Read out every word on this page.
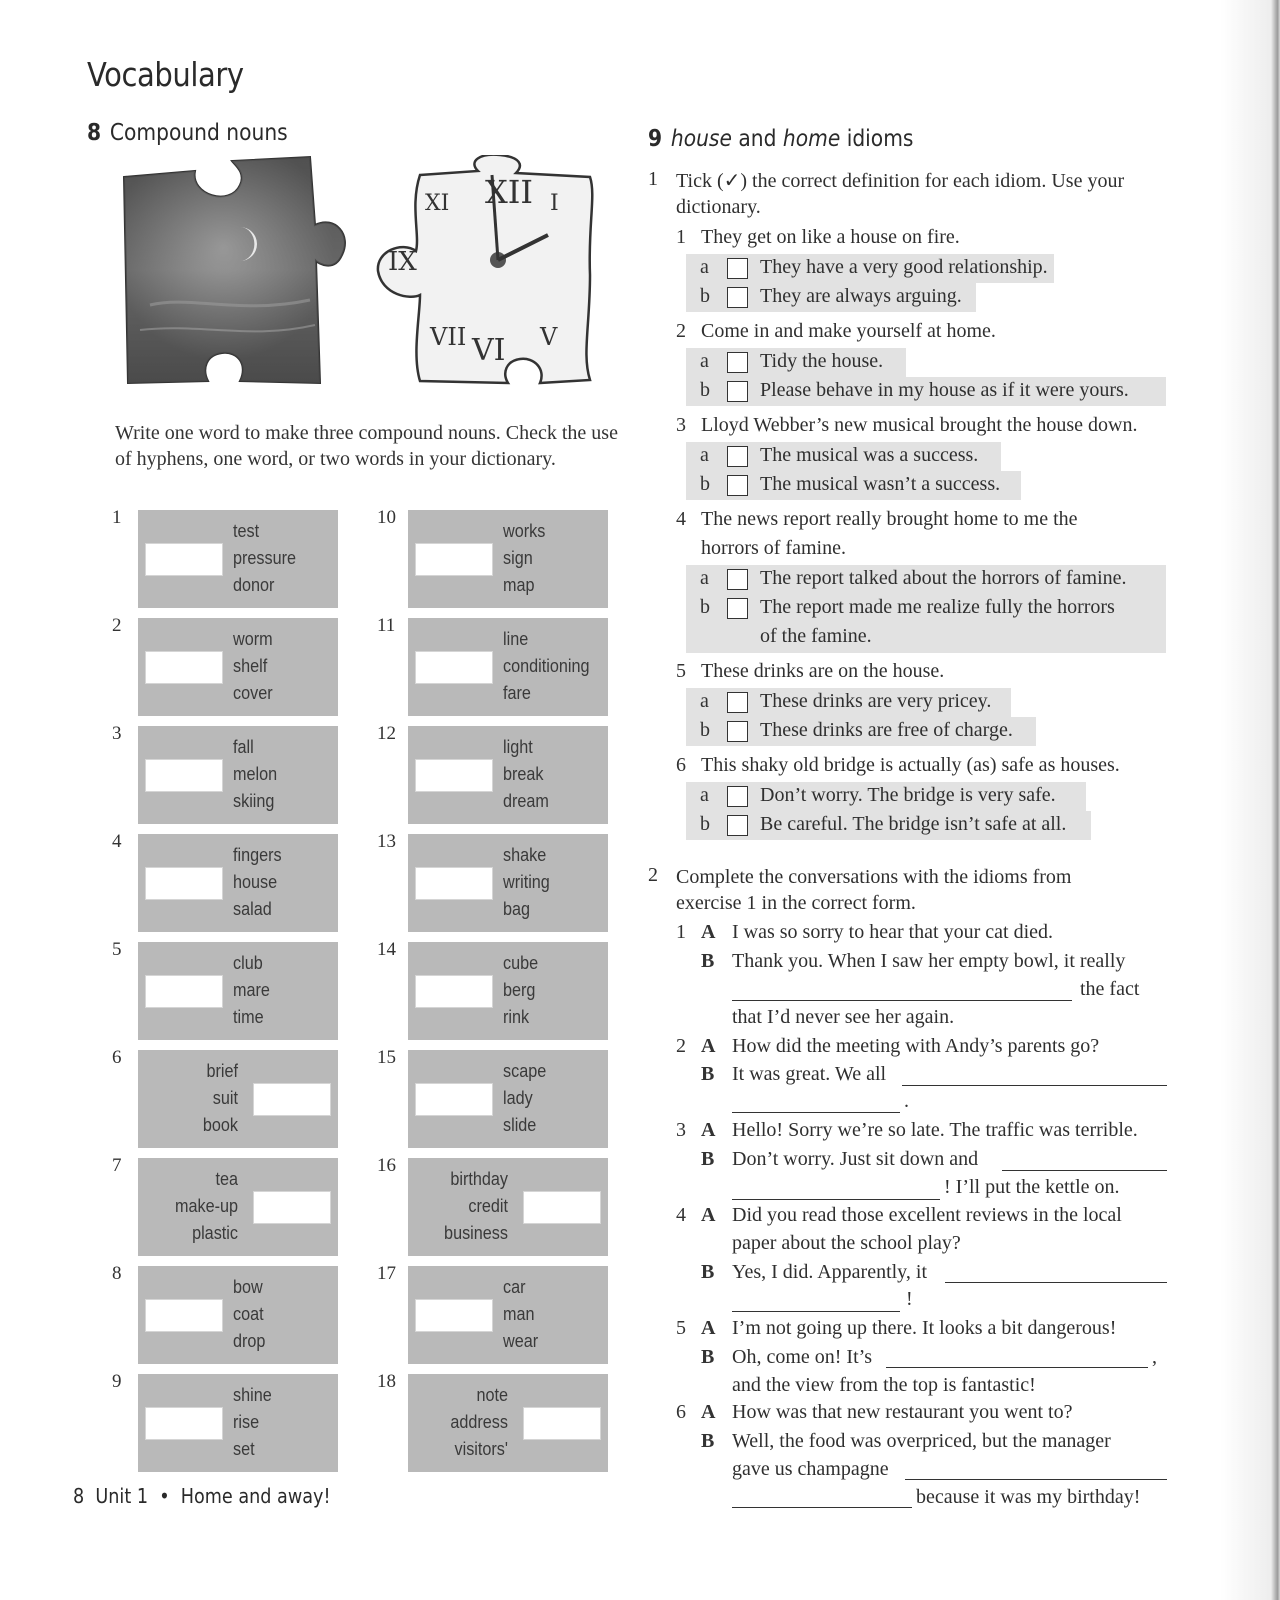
Vocabulary
8 Compound nouns
XII
IX
VI V
VII
I
XI
Write one word to make three compound nouns. Check the use of hyphens, one word, or two words in your dictionary.
1
test
pressure
donor
2
worm
shelf
cover
3
fall
melon
skiing
4
fingers
house
salad
5
club
mare
time
6
brief
suit
book
7
tea
make-up
plastic
8
bow
coat
drop
9
shine
rise
set
10
works
sign
map
11
line
conditioning
fare
12
light
break
dream
13
shake
writing
bag
14
cube
berg
rink
15
scape
lady
slide
16
birthday
credit
business
17
car
man
wear
18
note
address
visitors'
9 house and home idioms
1 Tick (✓) the correct definition for each idiom. Use your
dictionary.
1 They get on like a house on fire.
a	They have a very good relationship.
b	They are always arguing.
2 Come in and make yourself at home.
a	Tidy the house.
b	Please behave in my house as if it were yours.
3 Lloyd Webber’s new musical brought the house down.
a	The musical was a success.
b	The musical wasn’t a success.
4 The news report really brought home to me the
horrors of famine.
a	The report talked about the horrors of famine.
b	The report made me realize fully the horrors
of the famine.
5 These drinks are on the house.
a	These drinks are very pricey.
b	These drinks are free of charge.
6 This shaky old bridge is actually (as) safe as houses.
a	Don’t worry. The bridge is very safe.
b	Be careful. The bridge isn’t safe at all.
2 Complete the conversations with the idioms from
exercise 1 in the correct form.
1 A I was so sorry to hear that your cat died.
B Thank you. When I saw her empty bowl, it really
the fact
that I’d never see her again.
2 A How did the meeting with Andy’s parents go?
B It was great. We all
.
3 A Hello! Sorry we’re so late. The traffic was terrible.
B Don’t worry. Just sit down and
! I’ll put the kettle on.
4 A Did you read those excellent reviews in the local
paper about the school play?
B Yes, I did. Apparently, it
!
5 A I’m not going up there. It looks a bit dangerous!
B Oh, come on! It’s	,
and the view from the top is fantastic!
6 A How was that new restaurant you went to?
B Well, the food was overpriced, but the manager
gave us champagne
because it was my birthday!
8 Unit 1 • Home and away!
